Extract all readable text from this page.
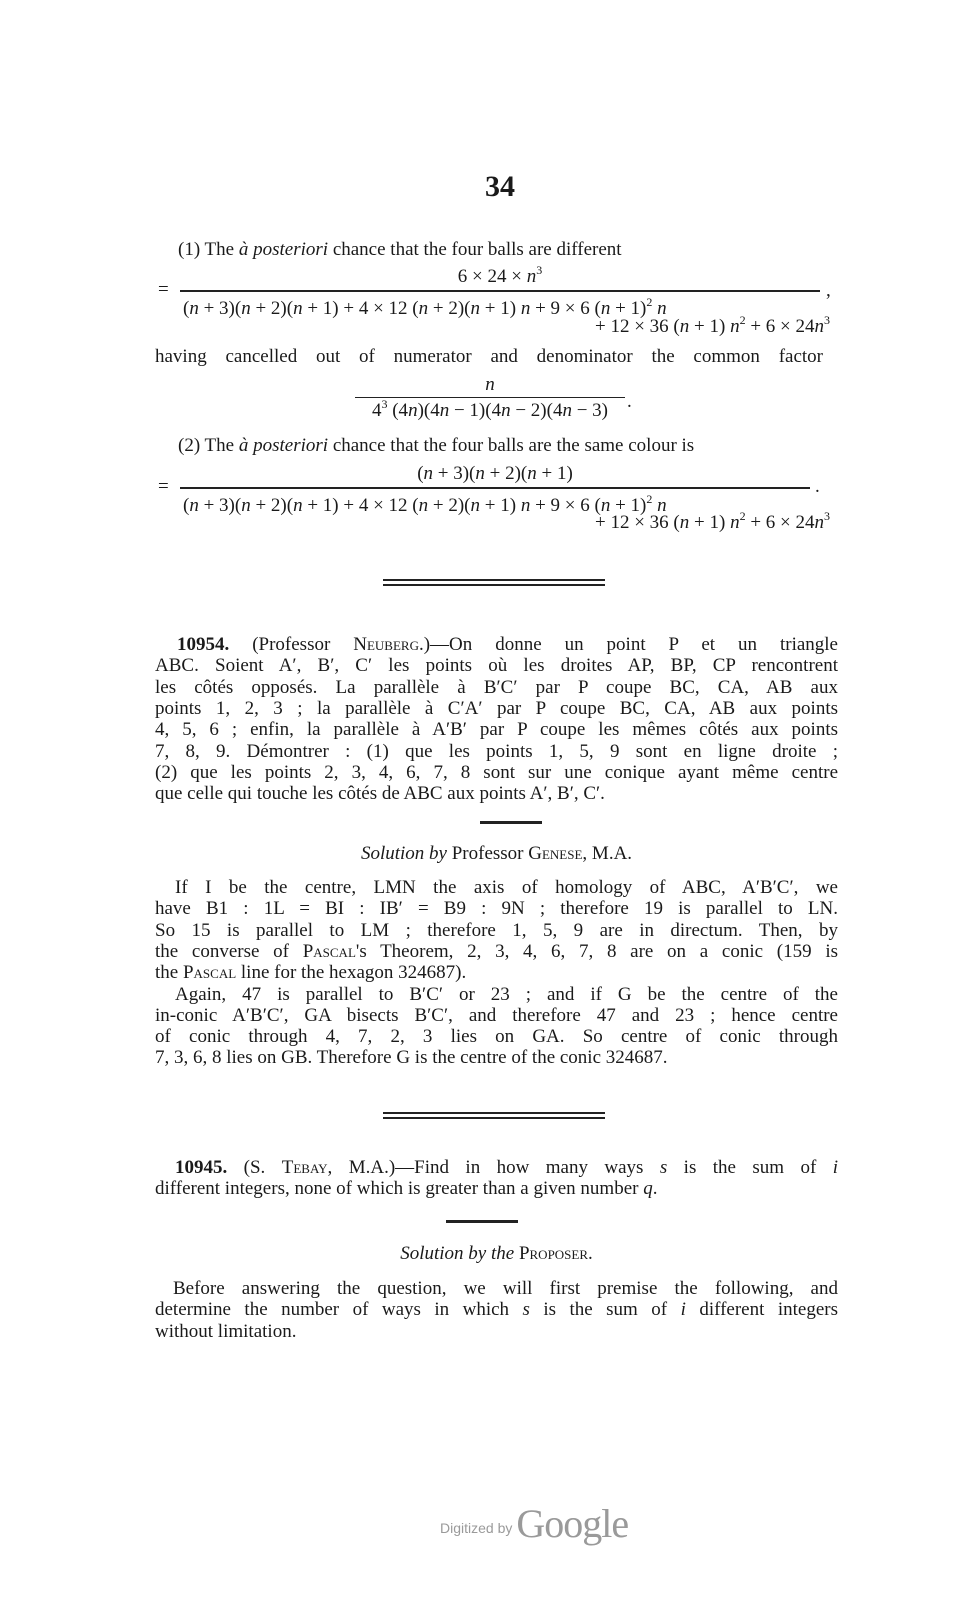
34
(1) The à posteriori chance that the four balls are different
=
$6 \times 24 \times n^3$
,
(n + 3)(n + 2)(n + 1) + 4 × 12 (n + 2)(n + 1) n + 9 × 6 $(n + 1)^2$ n
+ 12 × 36 (n + 1) $n^2 + 6 \times 24n^3$
having cancelled out of numerator and denominator the common factor
n
$4^3$ (4n)(4n − 1)(4n − 2)(4n − 3) .
(2) The à posteriori chance that the four balls are the same colour is
=
(n + 3)(n + 2)(n + 1)
.
(n + 3)(n + 2)(n + 1) + 4 × 12 (n + 2)(n + 1) n + 9 × 6 $(n + 1)^2$ n
+ 12 × 36 (n + 1) $n^2 + 6 \times 24n^3$
10954. (Professor Neuberg.)—On donne un point P et un triangle
ABC. Soient A′, B′, C′ les points où les droites AP, BP, CP rencontrent
les côtés opposés. La parallèle à B′C′ par P coupe BC, CA, AB aux
points 1, 2, 3 ; la parallèle à C′A′ par P coupe BC, CA, AB aux points
4, 5, 6 ; enfin, la parallèle à A′B′ par P coupe les mêmes côtés aux points
7, 8, 9. Démontrer : (1) que les points 1, 5, 9 sont en ligne droite ;
(2) que les points 2, 3, 4, 6, 7, 8 sont sur une conique ayant même centre
que celle qui touche les côtés de ABC aux points A′, B′, C′.
Solution by Professor Genese, M.A.
If I be the centre, LMN the axis of homology of ABC, A′B′C′, we
have B1 : 1L = BI : IB′ = B9 : 9N ; therefore 19 is parallel to LN.
So 15 is parallel to LM ; therefore 1, 5, 9 are in directum. Then, by
the converse of Pascal's Theorem, 2, 3, 4, 6, 7, 8 are on a conic (159 is
the Pascal line for the hexagon 324687).
Again, 47 is parallel to B′C′ or 23 ; and if G be the centre of the
in-conic A′B′C′, GA bisects B′C′, and therefore 47 and 23 ; hence centre
of conic through 4, 7, 2, 3 lies on GA. So centre of conic through
7, 3, 6, 8 lies on GB. Therefore G is the centre of the conic 324687.
10945. (S. Tebay, M.A.)—Find in how many ways s is the sum of i
different integers, none of which is greater than a given number q.
Solution by the Proposer.
Before answering the question, we will first premise the following, and
determine the number of ways in which s is the sum of i different integers
without limitation.
Digitized by Google
